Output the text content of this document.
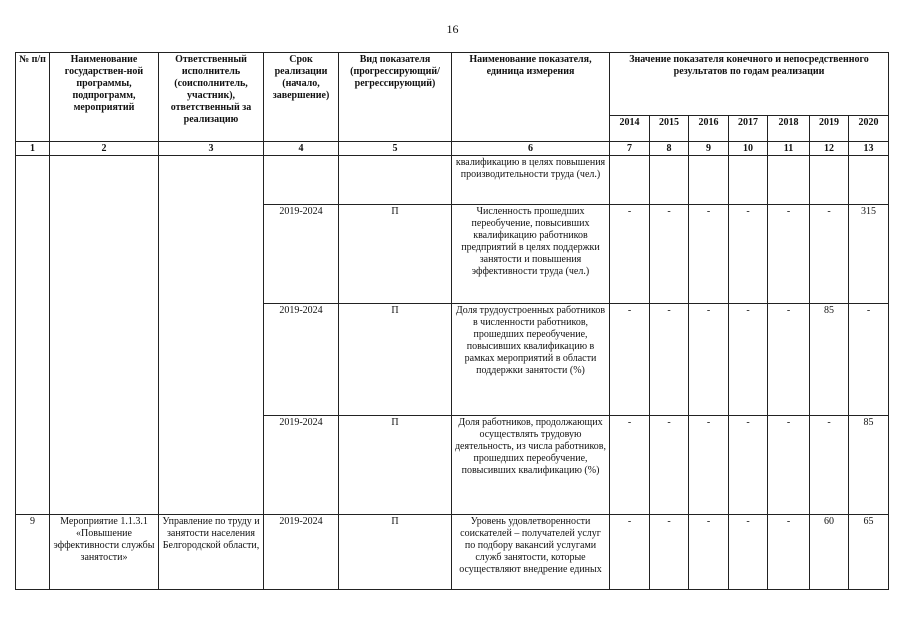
16
№ п/п	Наименование государствен-ной программы, подпрограмм, мероприятий	Ответственный исполнитель (соисполнитель, участник), ответственный за реализацию	Срок реализации (начало, завершение)	Вид показателя (прогрессирующий/ регрессирующий)	Наименование показателя, единица измерения	Значение показателя конечного и непосредственного результатов по годам реализации						
						2014	2015	2016	2017	2018	2019	2020
1	2	3	4	5	6	7	8	9	10	11	12	13
					квалификацию в целях повышения производительности труда (чел.)							
			2019-2024	П	Численность прошедших переобучение, повысивших квалификацию работников предприятий в целях поддержки занятости и повышения эффективности труда (чел.)	-	-	-	-	-	-	315
			2019-2024	П	Доля трудоустроенных работников в численности работников, прошедших переобучение, повысивших квалификацию в рамках мероприятий в области поддержки занятости (%)	-	-	-	-	-	85	-
			2019-2024	П	Доля работников, продолжающих осуществлять трудовую деятельность, из числа работников, прошедших переобучение, повысивших квалификацию (%)	-	-	-	-	-	-	85
9	Мероприятие 1.1.3.1 «Повышение эффективности службы занятости»	Управление по труду и занятости населения Белгородской области,	2019-2024	П	Уровень удовлетворенности соискателей – получателей услуг по подбору вакансий услугами служб занятости, которые осуществляют внедрение единых	-	-	-	-	-	60	65
